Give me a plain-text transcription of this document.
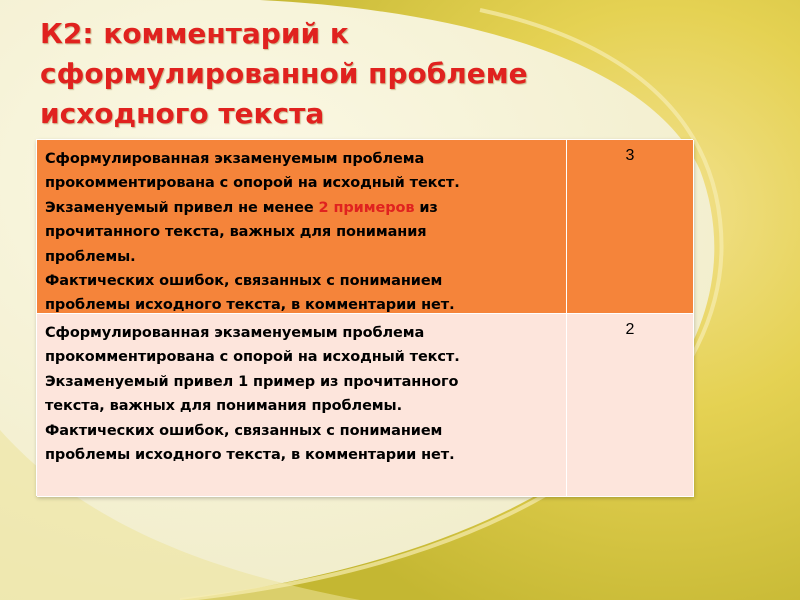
К2: комментарий к
сформулированной проблеме
исходного текста
Сформулированная экзаменуемым проблема
прокомментирована с опорой на исходный текст.
Экзаменуемый привел не менее 2 примеров из
прочитанного текста, важных для понимания
проблемы.
Фактических ошибок, связанных с пониманием
проблемы исходного текста, в комментарии нет.
3
Сформулированная экзаменуемым проблема
прокомментирована с опорой на исходный текст.
Экзаменуемый привел 1 пример из прочитанного
текста, важных для понимания проблемы.
Фактических ошибок, связанных с пониманием
проблемы исходного текста, в комментарии нет.
2
